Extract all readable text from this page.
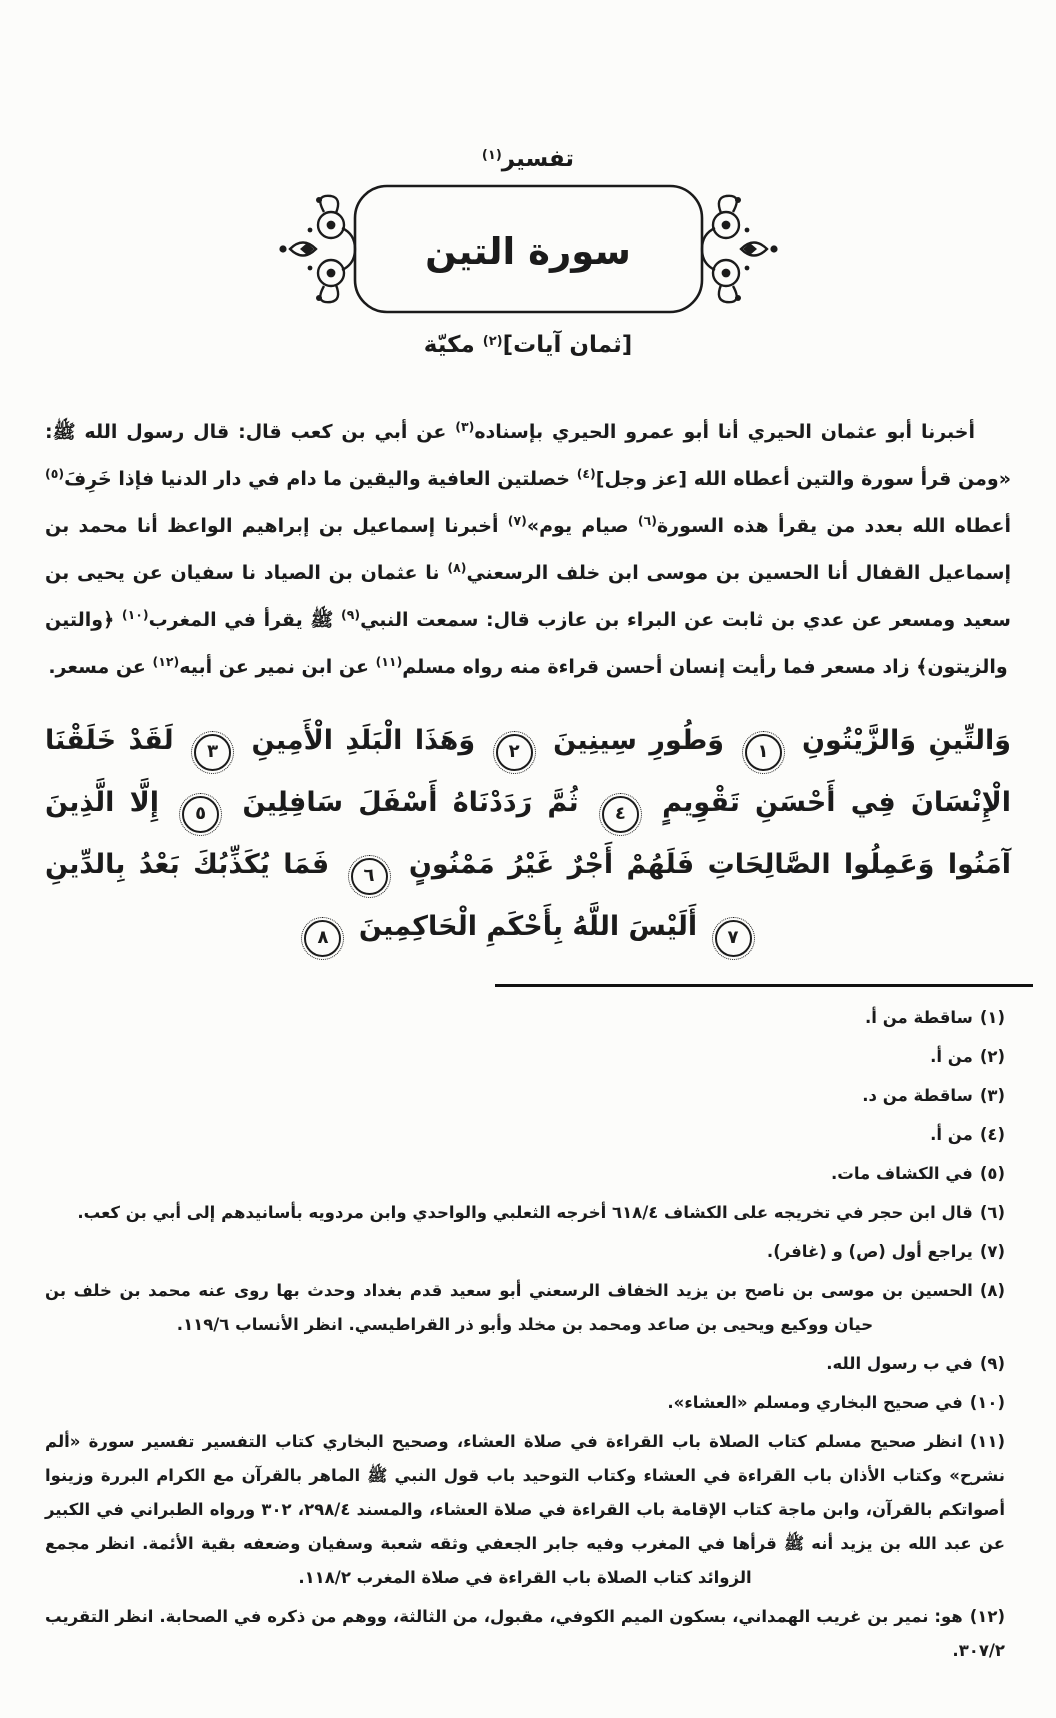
تفسير$^{(١)}$
سورة التين
[ثمان آيات]$^{(٢)}$ مكيّة

أخبرنا أبو عثمان الحيري أنا أبو عمرو الحيري بإسناده$^{(٣)}$ عن أبي بن كعب قال: قال رسول الله ﷺ: «ومن قرأ سورة والتين أعطاه الله [عز وجل]$^{(٤)}$ خصلتين العافية واليقين ما دام في دار الدنيا فإذا خَرِفَ$^{(٥)}$ أعطاه الله بعدد من يقرأ هذه السورة$^{(٦)}$ صيام يوم»$^{(٧)}$ أخبرنا إسماعيل بن إبراهيم الواعظ أنا محمد بن إسماعيل القفال أنا الحسين بن موسى ابن خلف الرسعني$^{(٨)}$ نا عثمان بن الصياد نا سفيان عن يحيى بن سعيد ومسعر عن عدي بن ثابت عن البراء بن عازب قال: سمعت النبي$^{(٩)}$ ﷺ يقرأ في المغرب$^{(١٠)}$ ﴿والتين والزيتون﴾ زاد مسعر فما رأيت إنسان أحسن قراءة منه رواه مسلم$^{(١١)}$ عن ابن نمير عن أبيه$^{(١٢)}$ عن مسعر.

وَالتِّينِ وَالزَّيْتُونِ ١ وَطُورِ سِينِينَ ٢ وَهَذَا الْبَلَدِ الْأَمِينِ ٣ لَقَدْ خَلَقْنَا الْإِنْسَانَ فِي أَحْسَنِ تَقْوِيمٍ ٤ ثُمَّ رَدَدْنَاهُ أَسْفَلَ سَافِلِينَ ٥ إِلَّا الَّذِينَ آمَنُوا وَعَمِلُوا الصَّالِحَاتِ فَلَهُمْ أَجْرٌ غَيْرُ مَمْنُونٍ ٦ فَمَا يُكَذِّبُكَ بَعْدُ بِالدِّينِ ٧ أَلَيْسَ اللَّهُ بِأَحْكَمِ الْحَاكِمِينَ ٨

(١)ساقطة من أ.
(٢)من أ.
(٣)ساقطة من د.
(٤)من أ.
(٥)في الكشاف مات.
(٦)قال ابن حجر في تخريجه على الكشاف ٦١٨/٤ أخرجه الثعلبي والواحدي وابن مردويه بأسانيدهم إلى أبي بن كعب.
(٧)يراجع أول (ص) و (غافر).
(٨)الحسين بن موسى بن ناصح بن يزيد الخفاف الرسعني أبو سعيد قدم بغداد وحدث بها روى عنه محمد بن خلف بن حيان ووكيع ويحيى بن صاعد ومحمد بن مخلد وأبو ذر القراطيسي. انظر الأنساب ١١٩/٦.
(٩)في ب رسول الله.
(١٠)في صحيح البخاري ومسلم «العشاء».
(١١)انظر صحيح مسلم كتاب الصلاة باب القراءة في صلاة العشاء، وصحيح البخاري كتاب التفسير تفسير سورة «ألم نشرح» وكتاب الأذان باب القراءة في العشاء وكتاب التوحيد باب قول النبي ﷺ الماهر بالقرآن مع الكرام البررة وزينوا أصواتكم بالقرآن، وابن ماجة كتاب الإقامة باب القراءة في صلاة العشاء، والمسند ٢٩٨/٤، ٣٠٢ ورواه الطبراني في الكبير عن عبد الله بن يزيد أنه ﷺ قرأها في المغرب وفيه جابر الجعفي وثقه شعبة وسفيان وضعفه بقية الأئمة. انظر مجمع الزوائد كتاب الصلاة باب القراءة في صلاة المغرب ١١٨/٢.
(١٢)هو: نمير بن غريب الهمداني، بسكون الميم الكوفي، مقبول، من الثالثة، ووهم من ذكره في الصحابة. انظر التقريب ٣٠٧/٢.
